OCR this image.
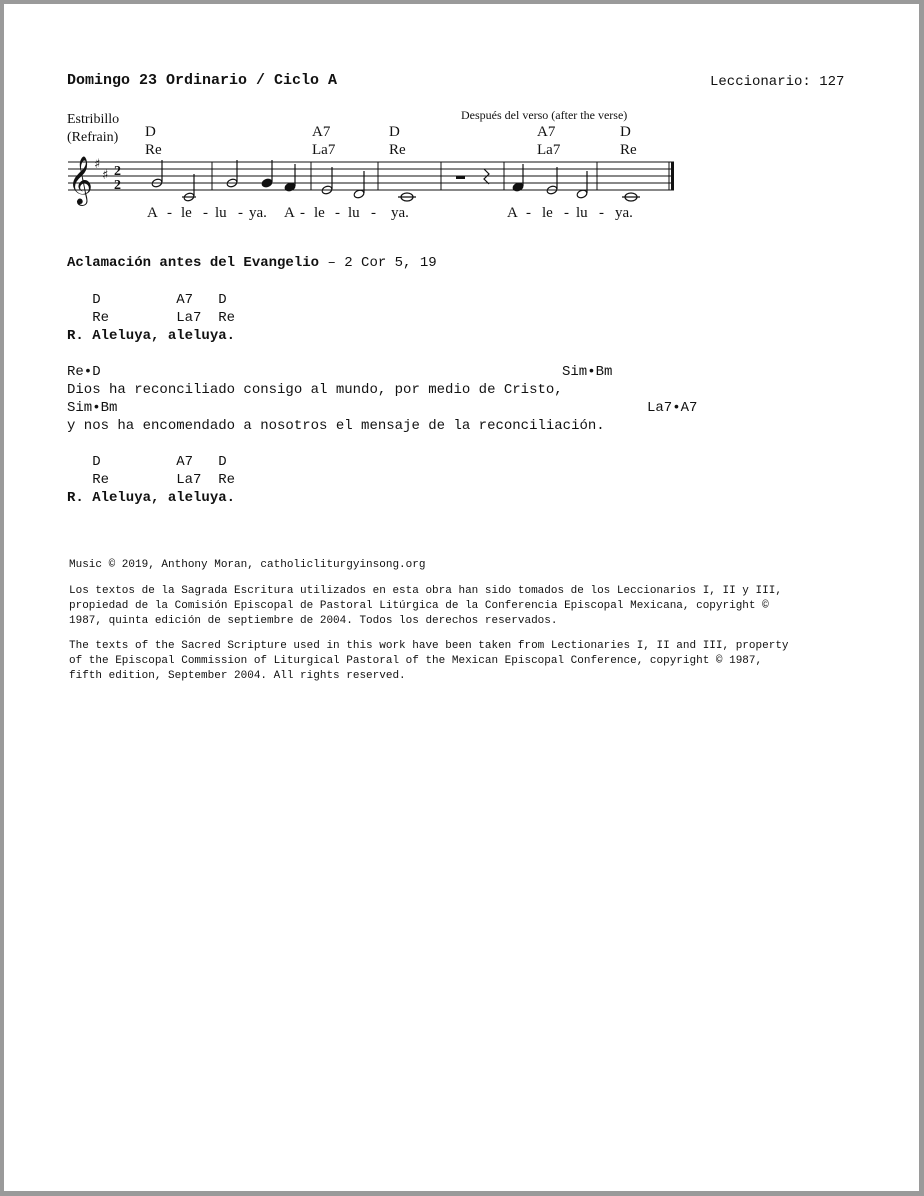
Domingo 23 Ordinario / Ciclo A	Leccionario: 127
Estribillo
(Refrain)
Después del verso (after the verse)
D
Re
A7
La7
D
Re
A7
La7
D
Re
𝄞 ♯
♯ 2
2
A - le - lu - ya. A - le - lu - ya.	A - le - lu - ya.
Aclamación antes del Evangelio – 2 Cor 5, 19
D         A7   D
Re        La7  Re
R. Aleluya, aleluya.
Re•D	Sim•Bm
Dios ha reconciliado consigo al mundo, por medio de Cristo,
Sim•Bm	La7•A7
y nos ha encomendado a nosotros el mensaje de la reconciliación.
D         A7   D
Re        La7  Re
R. Aleluya, aleluya.
Music © 2019, Anthony Moran, catholicliturgyinsong.org
Los textos de la Sagrada Escritura utilizados en esta obra han sido tomados de los Leccionarios I, II y III,
propiedad de la Comisión Episcopal de Pastoral Litúrgica de la Conferencia Episcopal Mexicana, copyright ©
1987, quinta edición de septiembre de 2004. Todos los derechos reservados.
The texts of the Sacred Scripture used in this work have been taken from Lectionaries I, II and III, property
of the Episcopal Commission of Liturgical Pastoral of the Mexican Episcopal Conference, copyright © 1987,
fifth edition, September 2004. All rights reserved.
